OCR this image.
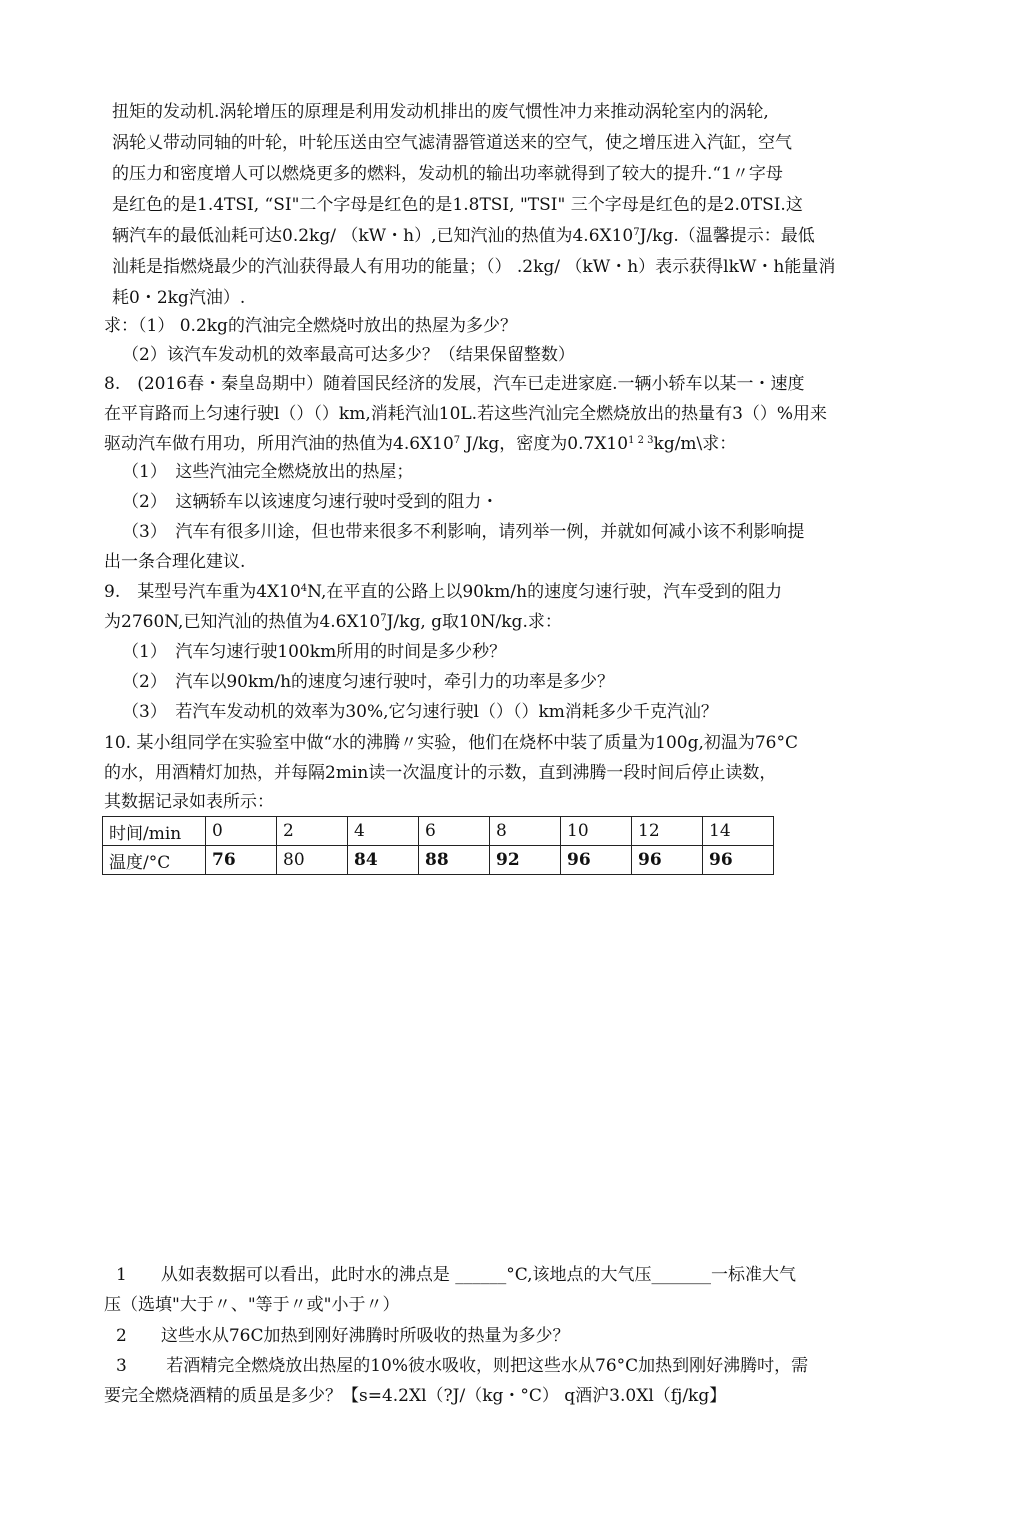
扭矩的发动机.涡轮增压的原理是利用发动机排出的废气惯性冲力来推动涡轮室内的涡轮,
涡轮乂带动同轴的叶轮，叶轮压送由空气滤清器管道送来的空气，使之增压进入汽缸，空气
的压力和密度增人可以燃烧更多的燃料，发动机的输出功率就得到了较大的提升.“1〃字母
是红色的是1.4TSI, “SI"二个字母是红色的是1.8TSI, "TSI" 三个字母是红色的是2.0TSI.这
辆汽车的最低汕耗可达0.2kg/ （kW・h）,已知汽汕的热值为$4.6X10^7J/kg$.（温馨提示：最低
汕耗是指燃烧最少的汽汕获得最人有用功的能量；（） .2kg/ （kW・h）表示获得lkW・h能量消
耗0・2kg汽油）.
求：（1） 0.2kg的汽油完全燃烧吋放出的热屋为多少？
（2）该汽车发动机的效率最高可达多少？（结果保留整数）
8.　(2016春・秦皇岛期中）随着国民经济的发展，汽车已走进家庭.一辆小轿车以某一・速度
在平肓路而上匀速行驶l（）（）km,消耗汽汕10L.若这些汽汕完全燃烧放出的热量有3（）%用来
驱动汽车做冇用功，所用汽油的热值为$4.6X10^7$ J/kg，密度为$0.7X10^{1 2 3}kg/m\backslash$求：
（1）　这些汽油完全燃烧放出的热屋；
（2）　这辆轿车以该速度匀速行驶吋受到的阻力・
（3）　汽车有很多川途，但也带来很多不利影响，请列举一例，并就如何减小该不利影响提
出一条合理化建议.
9.　某型号汽车重为$4X10^4N$,在平直的公路上以90km/h的速度匀速行驶，汽车受到的阻力
为2760N,已知汽汕的热值为$4.6X10^7J/kg$, g取10N/kg.求：
（1）　汽车匀速行驶100km所用的时间是多少秒？
（2）　汽车以90km/h的速度匀速行驶吋，牵引力的功率是多少？
（3）　若汽车发动机的效率为30%,它匀速行驶l（）（）km消耗多少千克汽汕？
10. 某小组同学在实验室中做“水的沸腾〃实验，他们在烧杯中装了质量为100g,初温为76°C
的水，用酒精灯加热，并每隔2min读一次温度计的示数，直到沸腾一段时间后停止读数，
其数据记录如表所示：
时间/min	0	2	4	6	8	10	12	14
温度/°C	76	80	84	88	92	96	96	96
1　　从如表数据可以看出，此时水的沸点是 ______°C,该地点的大气压_______一标准大气
压（选填"大于〃、"等于〃或"小于〃）
2　　这些水从76C加热到刚好沸腾时所吸收的热量为多少？
3　　 若酒精完全燃烧放出热屋的10%彼水吸收，则把这些水从76°C加热到刚好沸腾吋，需
要完全燃烧酒精的质虽是多少？【s=4.2Xl（?J/（kg・°C） q酒沪3.0Xl（fj/kg】
